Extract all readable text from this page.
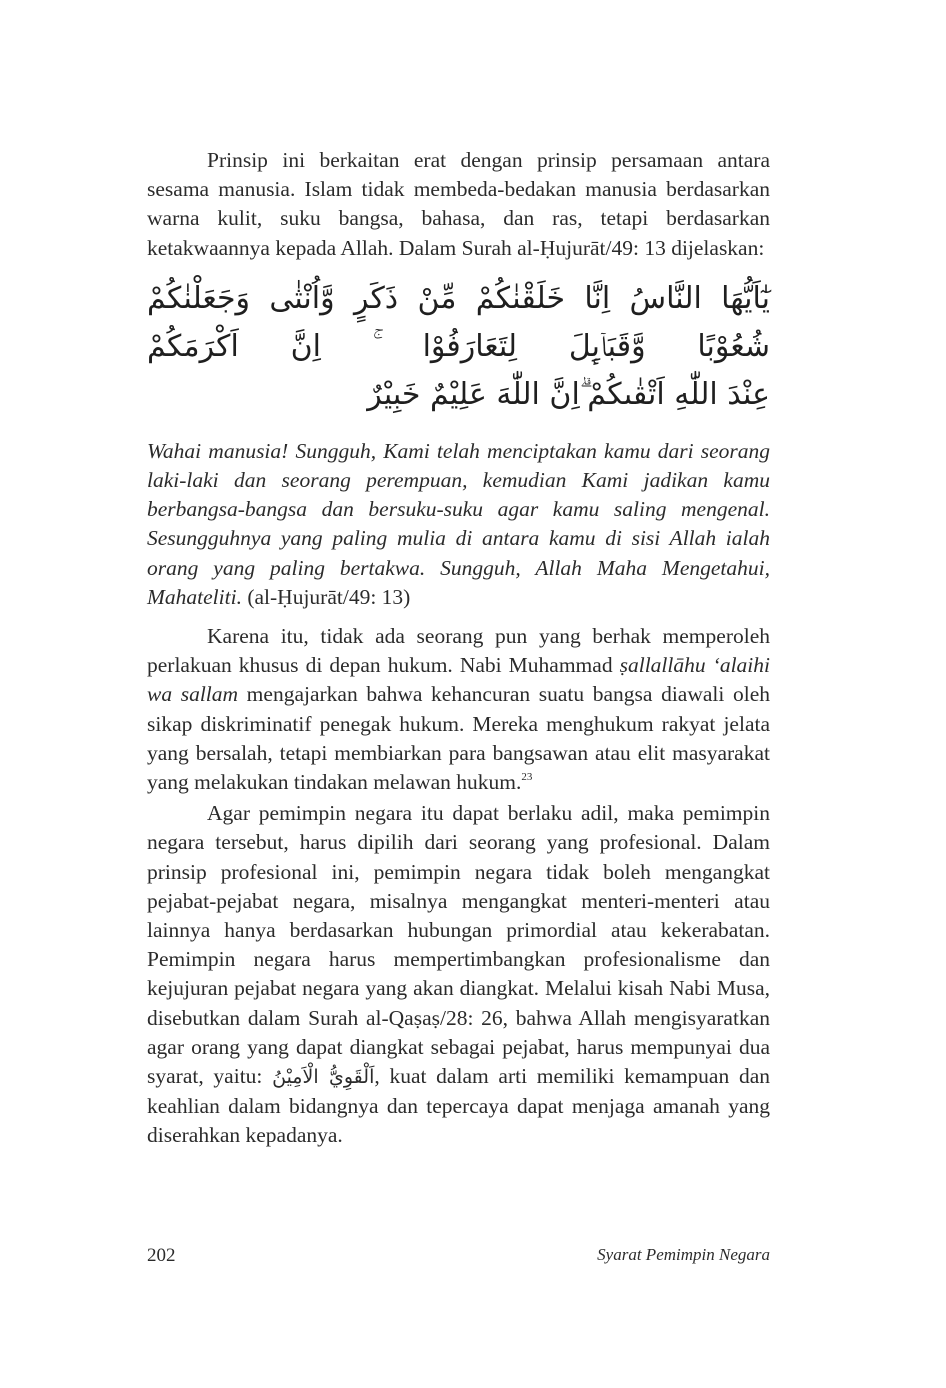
Prinsip ini berkaitan erat dengan prinsip persamaan antara sesama manusia. Islam tidak membeda-bedakan manusia berdasarkan warna kulit, suku bangsa, bahasa, dan ras, tetapi berdasarkan ketakwaannya kepada Allah. Dalam Surah al-Ḥujurāt/49: 13 dijelaskan:

يٰٓاَيُّهَا النَّاسُ اِنَّا خَلَقْنٰكُمْ مِّنْ ذَكَرٍ وَّاُنْثٰى وَجَعَلْنٰكُمْ شُعُوْبًا وَّقَبَاۤىِٕلَ لِتَعَارَفُوْا ۚ اِنَّ اَكْرَمَكُمْ
عِنْدَ اللّٰهِ اَتْقٰىكُمْ ۗاِنَّ اللّٰهَ عَلِيْمٌ خَبِيْرٌ

Wahai manusia! Sungguh, Kami telah menciptakan kamu dari seorang laki-laki dan seorang perempuan, kemudian Kami jadikan kamu berbangsa-bangsa dan bersuku-suku agar kamu saling mengenal. Sesungguhnya yang paling mulia di antara kamu di sisi Allah ialah orang yang paling bertakwa. Sungguh, Allah Maha Mengetahui, Mahateliti. (al-Ḥujurāt/49: 13)

Karena itu, tidak ada seorang pun yang berhak memperoleh perlakuan khusus di depan hukum. Nabi Muhammad ṣallallāhu ‘alaihi wa sallam mengajarkan bahwa kehancuran suatu bangsa diawali oleh sikap diskriminatif penegak hukum. Mereka menghukum rakyat jelata yang bersalah, tetapi membiarkan para bangsawan atau elit masyarakat yang melakukan tindakan melawan hukum.$^{23}$

Agar pemimpin negara itu dapat berlaku adil, maka pemimpin negara tersebut, harus dipilih dari seorang yang profesional. Dalam prinsip profesional ini, pemimpin negara tidak boleh mengangkat pejabat-pejabat negara, misalnya mengangkat menteri-menteri atau lainnya hanya berdasarkan hubungan primordial atau kekerabatan. Pemimpin negara harus mempertimbangkan profesionalisme dan kejujuran pejabat negara yang akan diangkat. Melalui kisah Nabi Musa, disebutkan dalam Surah al-Qaṣaṣ/28: 26, bahwa Allah mengisyaratkan agar orang yang dapat diangkat sebagai pejabat, harus mempunyai dua syarat, yaitu: اَلْقَوِيُّ الْاَمِيْنُ, kuat dalam arti memiliki kemampuan dan keahlian dalam bidangnya dan tepercaya dapat menjaga amanah yang diserahkan kepadanya.

202	Syarat Pemimpin Negara
